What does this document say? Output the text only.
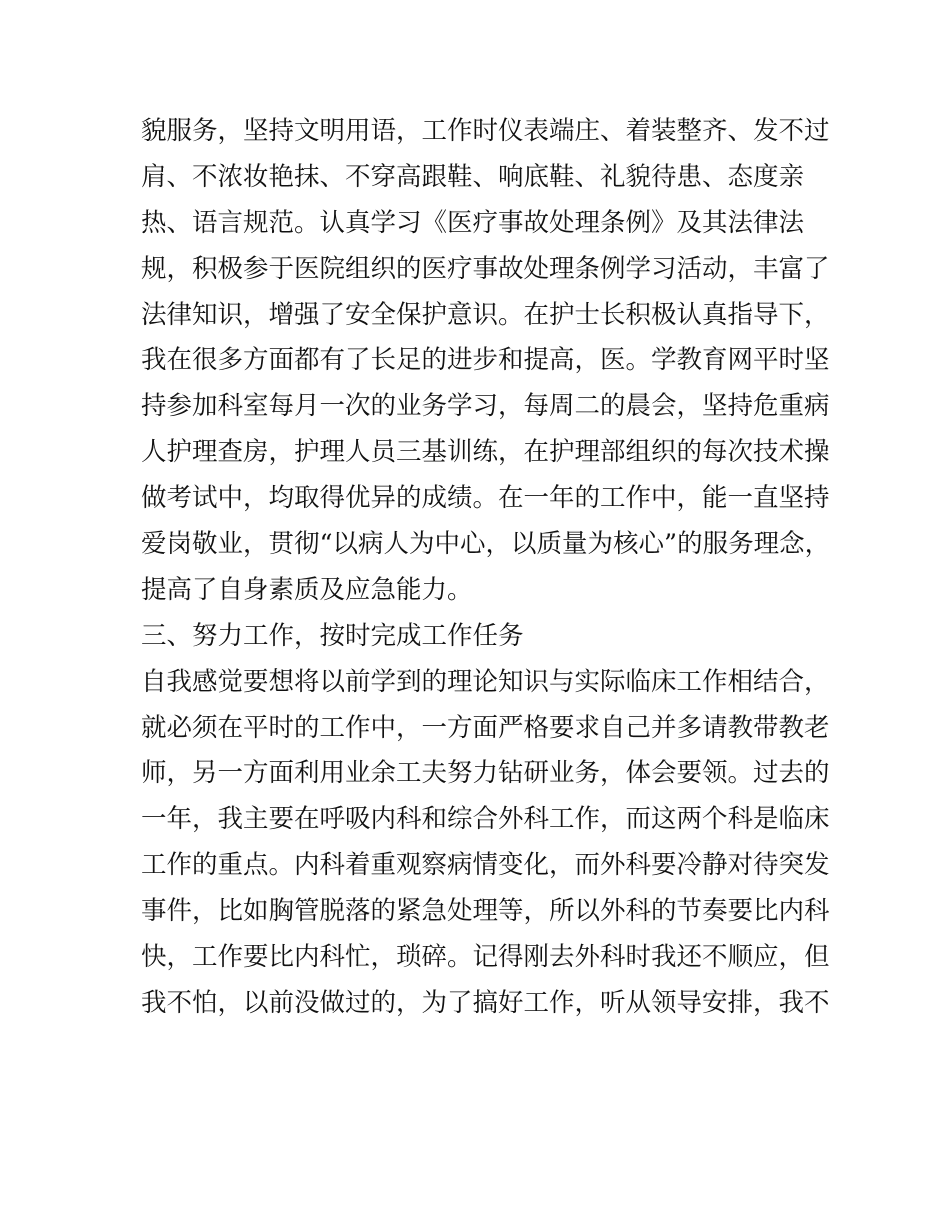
貌服务，坚持文明用语，工作时仪表端庄、着装整齐、发不过
肩、不浓妆艳抹、不穿高跟鞋、响底鞋、礼貌待患、态度亲
热、语言规范。认真学习《医疗事故处理条例》及其法律法
规，积极参于医院组织的医疗事故处理条例学习活动，丰富了
法律知识，增强了安全保护意识。在护士长积极认真指导下，
我在很多方面都有了长足的进步和提高，医。学教育网平时坚
持参加科室每月一次的业务学习，每周二的晨会，坚持危重病
人护理查房，护理人员三基训练，在护理部组织的每次技术操
做考试中，均取得优异的成绩。在一年的工作中，能一直坚持
爱岗敬业，贯彻“以病人为中心，以质量为核心”的服务理念，
提高了自身素质及应急能力。
三、努力工作，按时完成工作任务
自我感觉要想将以前学到的理论知识与实际临床工作相结合，
就必须在平时的工作中，一方面严格要求自己并多请教带教老
师，另一方面利用业余工夫努力钻研业务，体会要领。过去的
一年，我主要在呼吸内科和综合外科工作，而这两个科是临床
工作的重点。内科着重观察病情变化，而外科要冷静对待突发
事件，比如胸管脱落的紧急处理等，所以外科的节奏要比内科
快，工作要比内科忙，琐碎。记得刚去外科时我还不顺应，但
我不怕，以前没做过的，为了搞好工作，听从领导安排，我不
